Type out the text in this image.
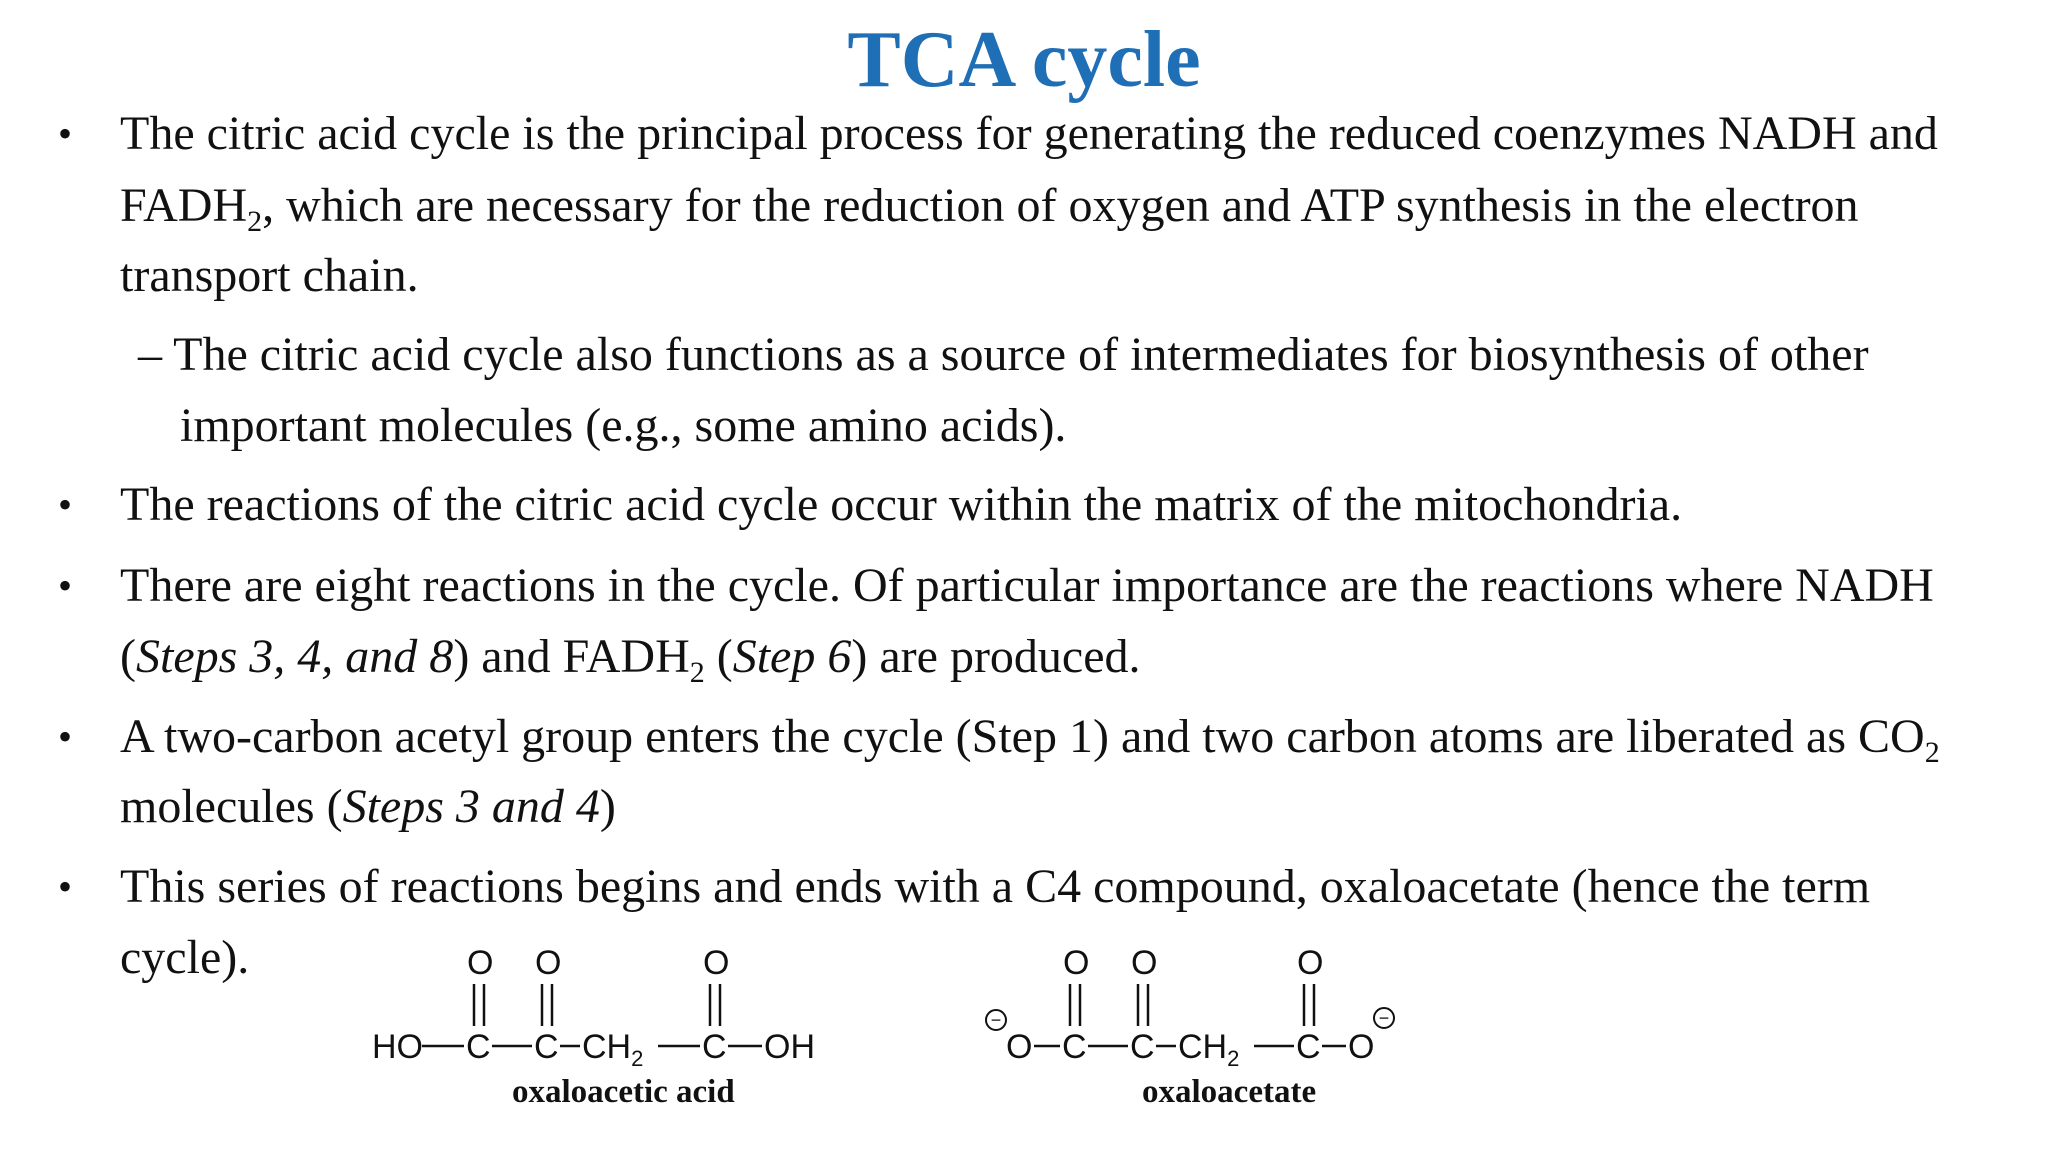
TCA cycle
• The citric acid cycle is the principal process for generating the reduced coenzymes NADH and
$FADH_2$, which are necessary for the reduction of oxygen and ATP synthesis in the electron
transport chain.
– The citric acid cycle also functions as a source of intermediates for biosynthesis of other
important molecules (e.g., some amino acids).
• The reactions of the citric acid cycle occur within the matrix of the mitochondria.
• There are eight reactions in the cycle. Of particular importance are the reactions where NADH
(Steps 3, 4, and 8) and $FADH_2$ (Step 6) are produced.
• A two-carbon acetyl group enters the cycle (Step 1) and two carbon atoms are liberated as $CO_2$
molecules (Steps 3 and 4)
• This series of reactions begins and ends with a C4 compound, oxaloacetate (hence the term
cycle).
HO C C $CH_2$ C OH
O O	O
−
O C C $CH_2$ C O
−
O O	O
oxaloacetic acid	oxaloacetate
